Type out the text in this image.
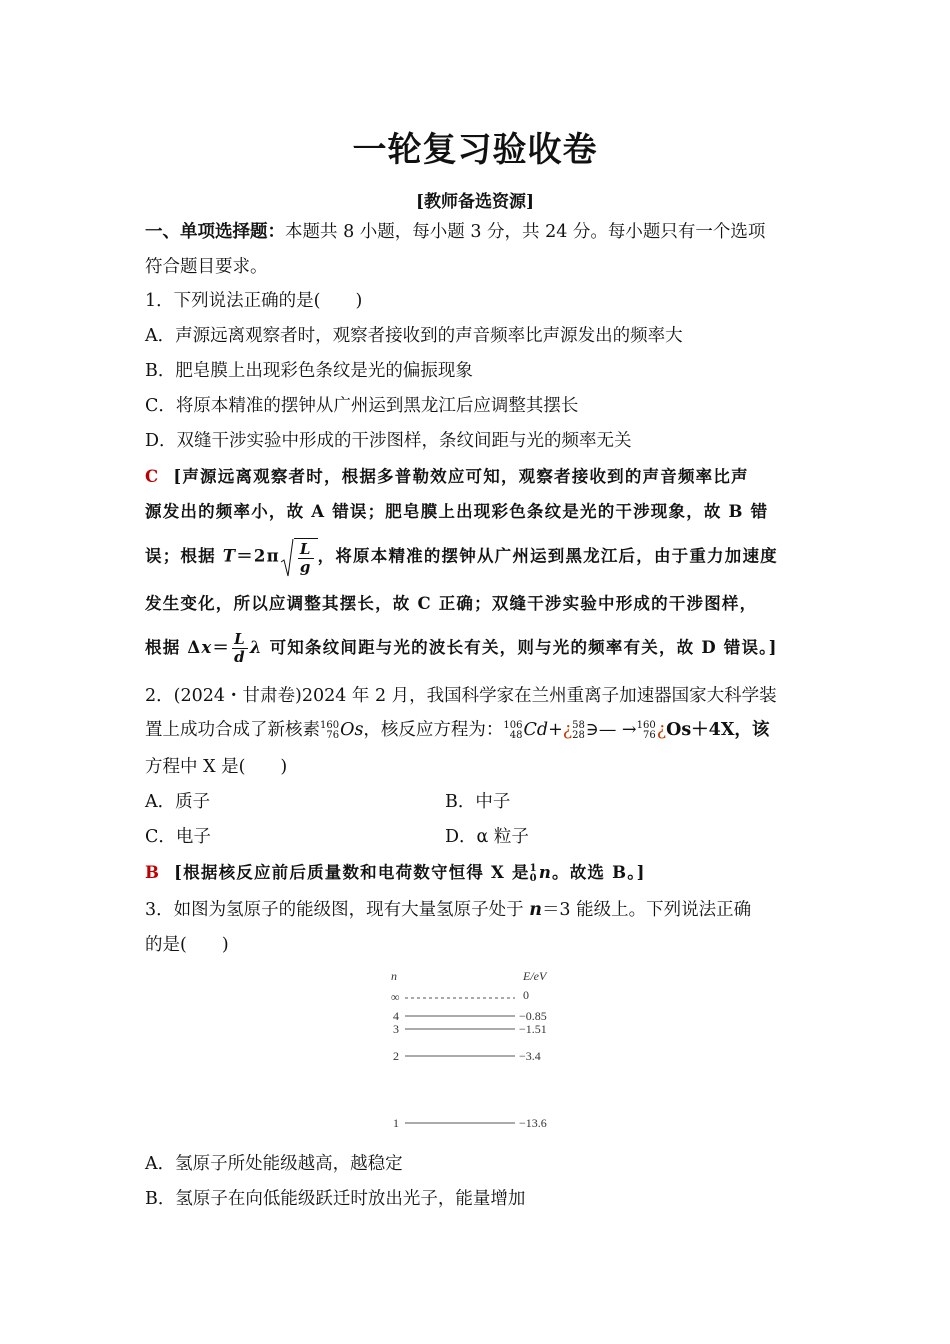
一轮复习验收卷
[教师备选资源]
一、单项选择题：本题共 8 小题，每小题 3 分，共 24 分。每小题只有一个选项
符合题目要求。
1．下列说法正确的是(　　)
A．声源远离观察者时，观察者接收到的声音频率比声源发出的频率大
B．肥皂膜上出现彩色条纹是光的偏振现象
C．将原本精准的摆钟从广州运到黑龙江后应调整其摆长
D．双缝干涉实验中形成的干涉图样，条纹间距与光的频率无关
C [声源远离观察者时，根据多普勒效应可知，观察者接收到的声音频率比声
源发出的频率小，故 A 错误；肥皂膜上出现彩色条纹是光的干涉现象，故 B 错
误；根据 $T=2\pi \frac{L}{g}$ ，将原本精准的摆钟从广州运到黑龙江后，由于重力加速度
发生变化，所以应调整其摆长，故 C 正确；双缝干涉实验中形成的干涉图样，
根据 $\Delta x= \frac{L}{d}$ λ 可知条纹间距与光的波长有关，则与光的频率有关，故 D 错误。]
2．(2024・甘肃卷)2024 年 2 月，我国科学家在兰州重离子加速器国家大科学装
置上成功合成了新核素 160
76 Os，核反应方程为： 106
48 Cd+¿ 58
28 ∋— → 160
76 ¿Os＋4X，该
方程中 X 是(　　)
A．质子	B．中子
C．电子	D．α 粒子
B [根据核反应前后质量数和电荷数守恒得 X 是 1
0 n。故选 B。]
3．如图为氢原子的能级图，现有大量氢原子处于 n＝3 能级上。下列说法正确
的是(　　)
n	E/eV
∞	0
4	−0.85
3	−1.51
2	−3.4
1	−13.6
A．氢原子所处能级越高，越稳定
B．氢原子在向低能级跃迁时放出光子，能量增加
